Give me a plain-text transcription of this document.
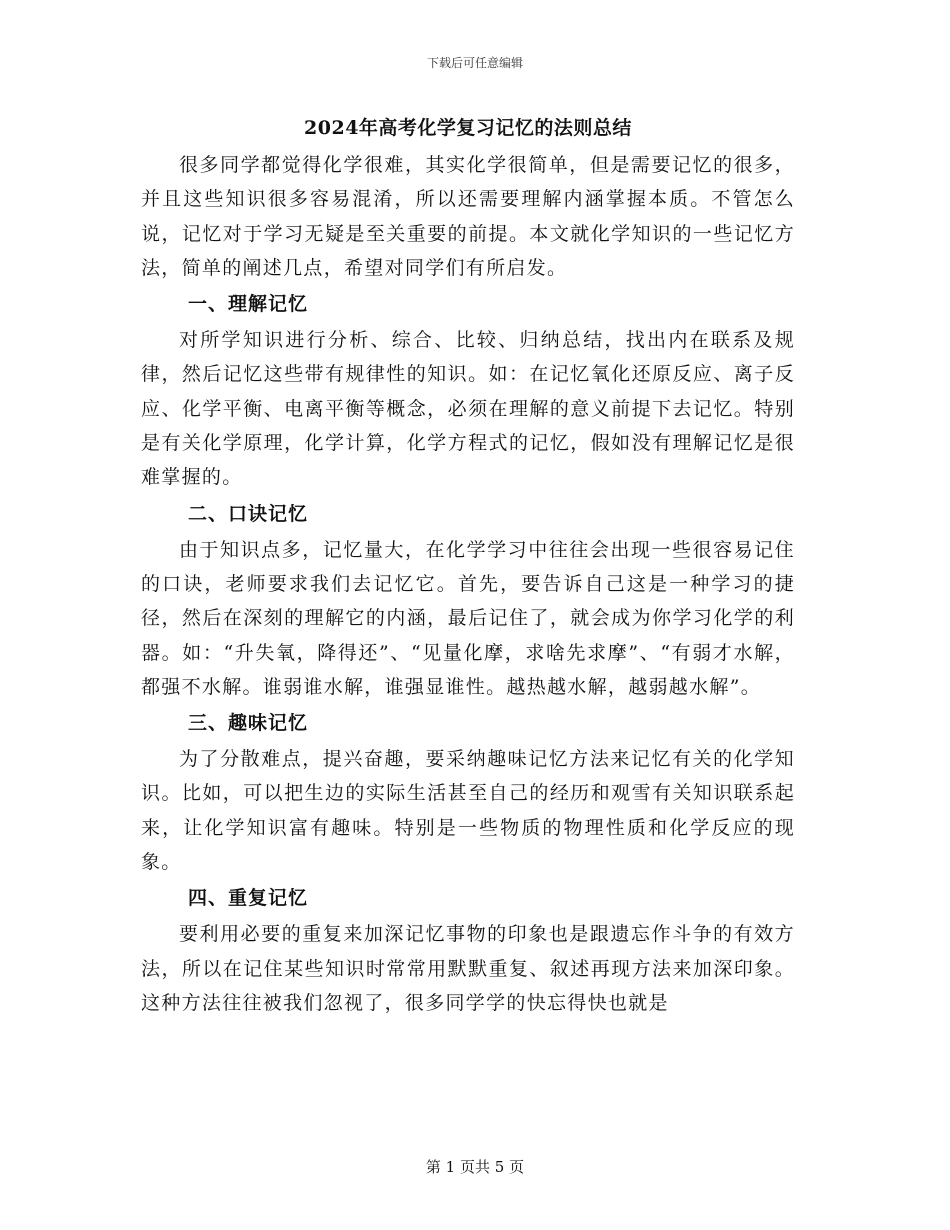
下载后可任意编辑
2024年高考化学复习记忆的法则总结

很多同学都觉得化学很难，其实化学很简单，但是需要记忆的很多，并且这些知识很多容易混淆，所以还需要理解内涵掌握本质。不管怎么说，记忆对于学习无疑是至关重要的前提。本文就化学知识的一些记忆方法，简单的阐述几点，希望对同学们有所启发。

一、理解记忆

对所学知识进行分析、综合、比较、归纳总结，找出内在联系及规律，然后记忆这些带有规律性的知识。如：在记忆氧化还原反应、离子反应、化学平衡、电离平衡等概念，必须在理解的意义前提下去记忆。特别是有关化学原理，化学计算，化学方程式的记忆，假如没有理解记忆是很难掌握的。

二、口诀记忆

由于知识点多，记忆量大，在化学学习中往往会出现一些很容易记住的口诀，老师要求我们去记忆它。首先，要告诉自己这是一种学习的捷径，然后在深刻的理解它的内涵，最后记住了，就会成为你学习化学的利器。如：“升失氧，降得还”、“见量化摩，求啥先求摩”、“有弱才水解，都强不水解。谁弱谁水解，谁强显谁性。越热越水解，越弱越水解”。

三、趣味记忆

为了分散难点，提兴奋趣，要采纳趣味记忆方法来记忆有关的化学知识。比如，可以把生边的实际生活甚至自己的经历和观雪有关知识联系起来，让化学知识富有趣味。特别是一些物质的物理性质和化学反应的现象。

四、重复记忆

要利用必要的重复来加深记忆事物的印象也是跟遗忘作斗争的有效方法，所以在记住某些知识时常常用默默重复、叙述再现方法来加深印象。这种方法往往被我们忽视了，很多同学学的快忘得快也就是

第 1 页共 5 页
